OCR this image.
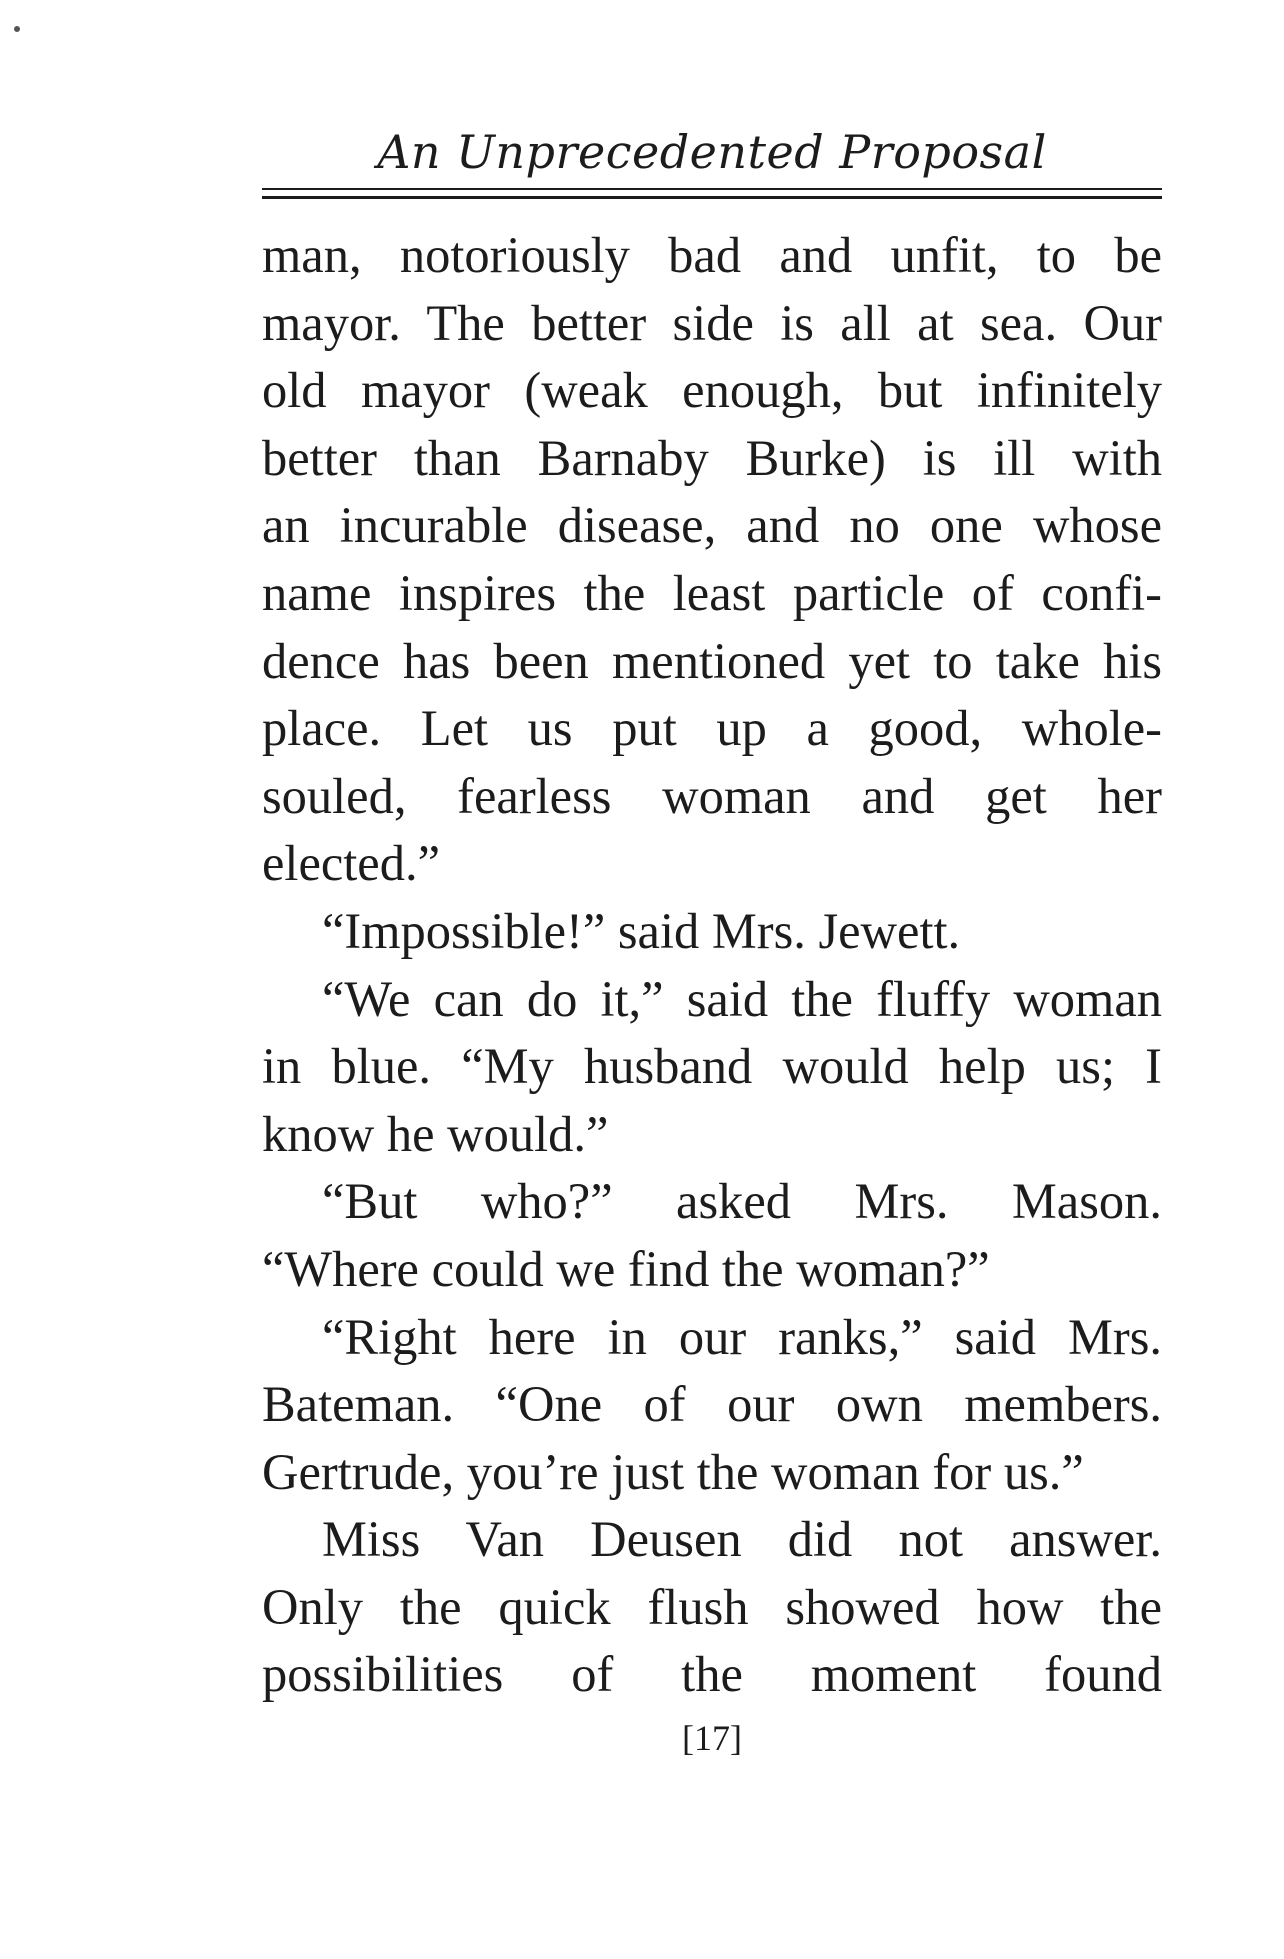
An Unprecedented Proposal
man, notoriously bad and unfit, to be
mayor. The better side is all at sea. Our
old mayor (weak enough, but infinitely
better than Barnaby Burke) is ill with
an incurable disease, and no one whose
name inspires the least particle of confi-
dence has been mentioned yet to take his
place. Let us put up a good, whole-
souled, fearless woman and get her
elected.”
“Impossible!” said Mrs. Jewett.
“We can do it,” said the fluffy woman
in blue. “My husband would help us; I
know he would.”
“But who?” asked Mrs. Mason.
“Where could we find the woman?”
“Right here in our ranks,” said Mrs.
Bateman. “One of our own members.
Gertrude, you’re just the woman for us.”
Miss Van Deusen did not answer.
Only the quick flush showed how the
possibilities of the moment found
[17]
